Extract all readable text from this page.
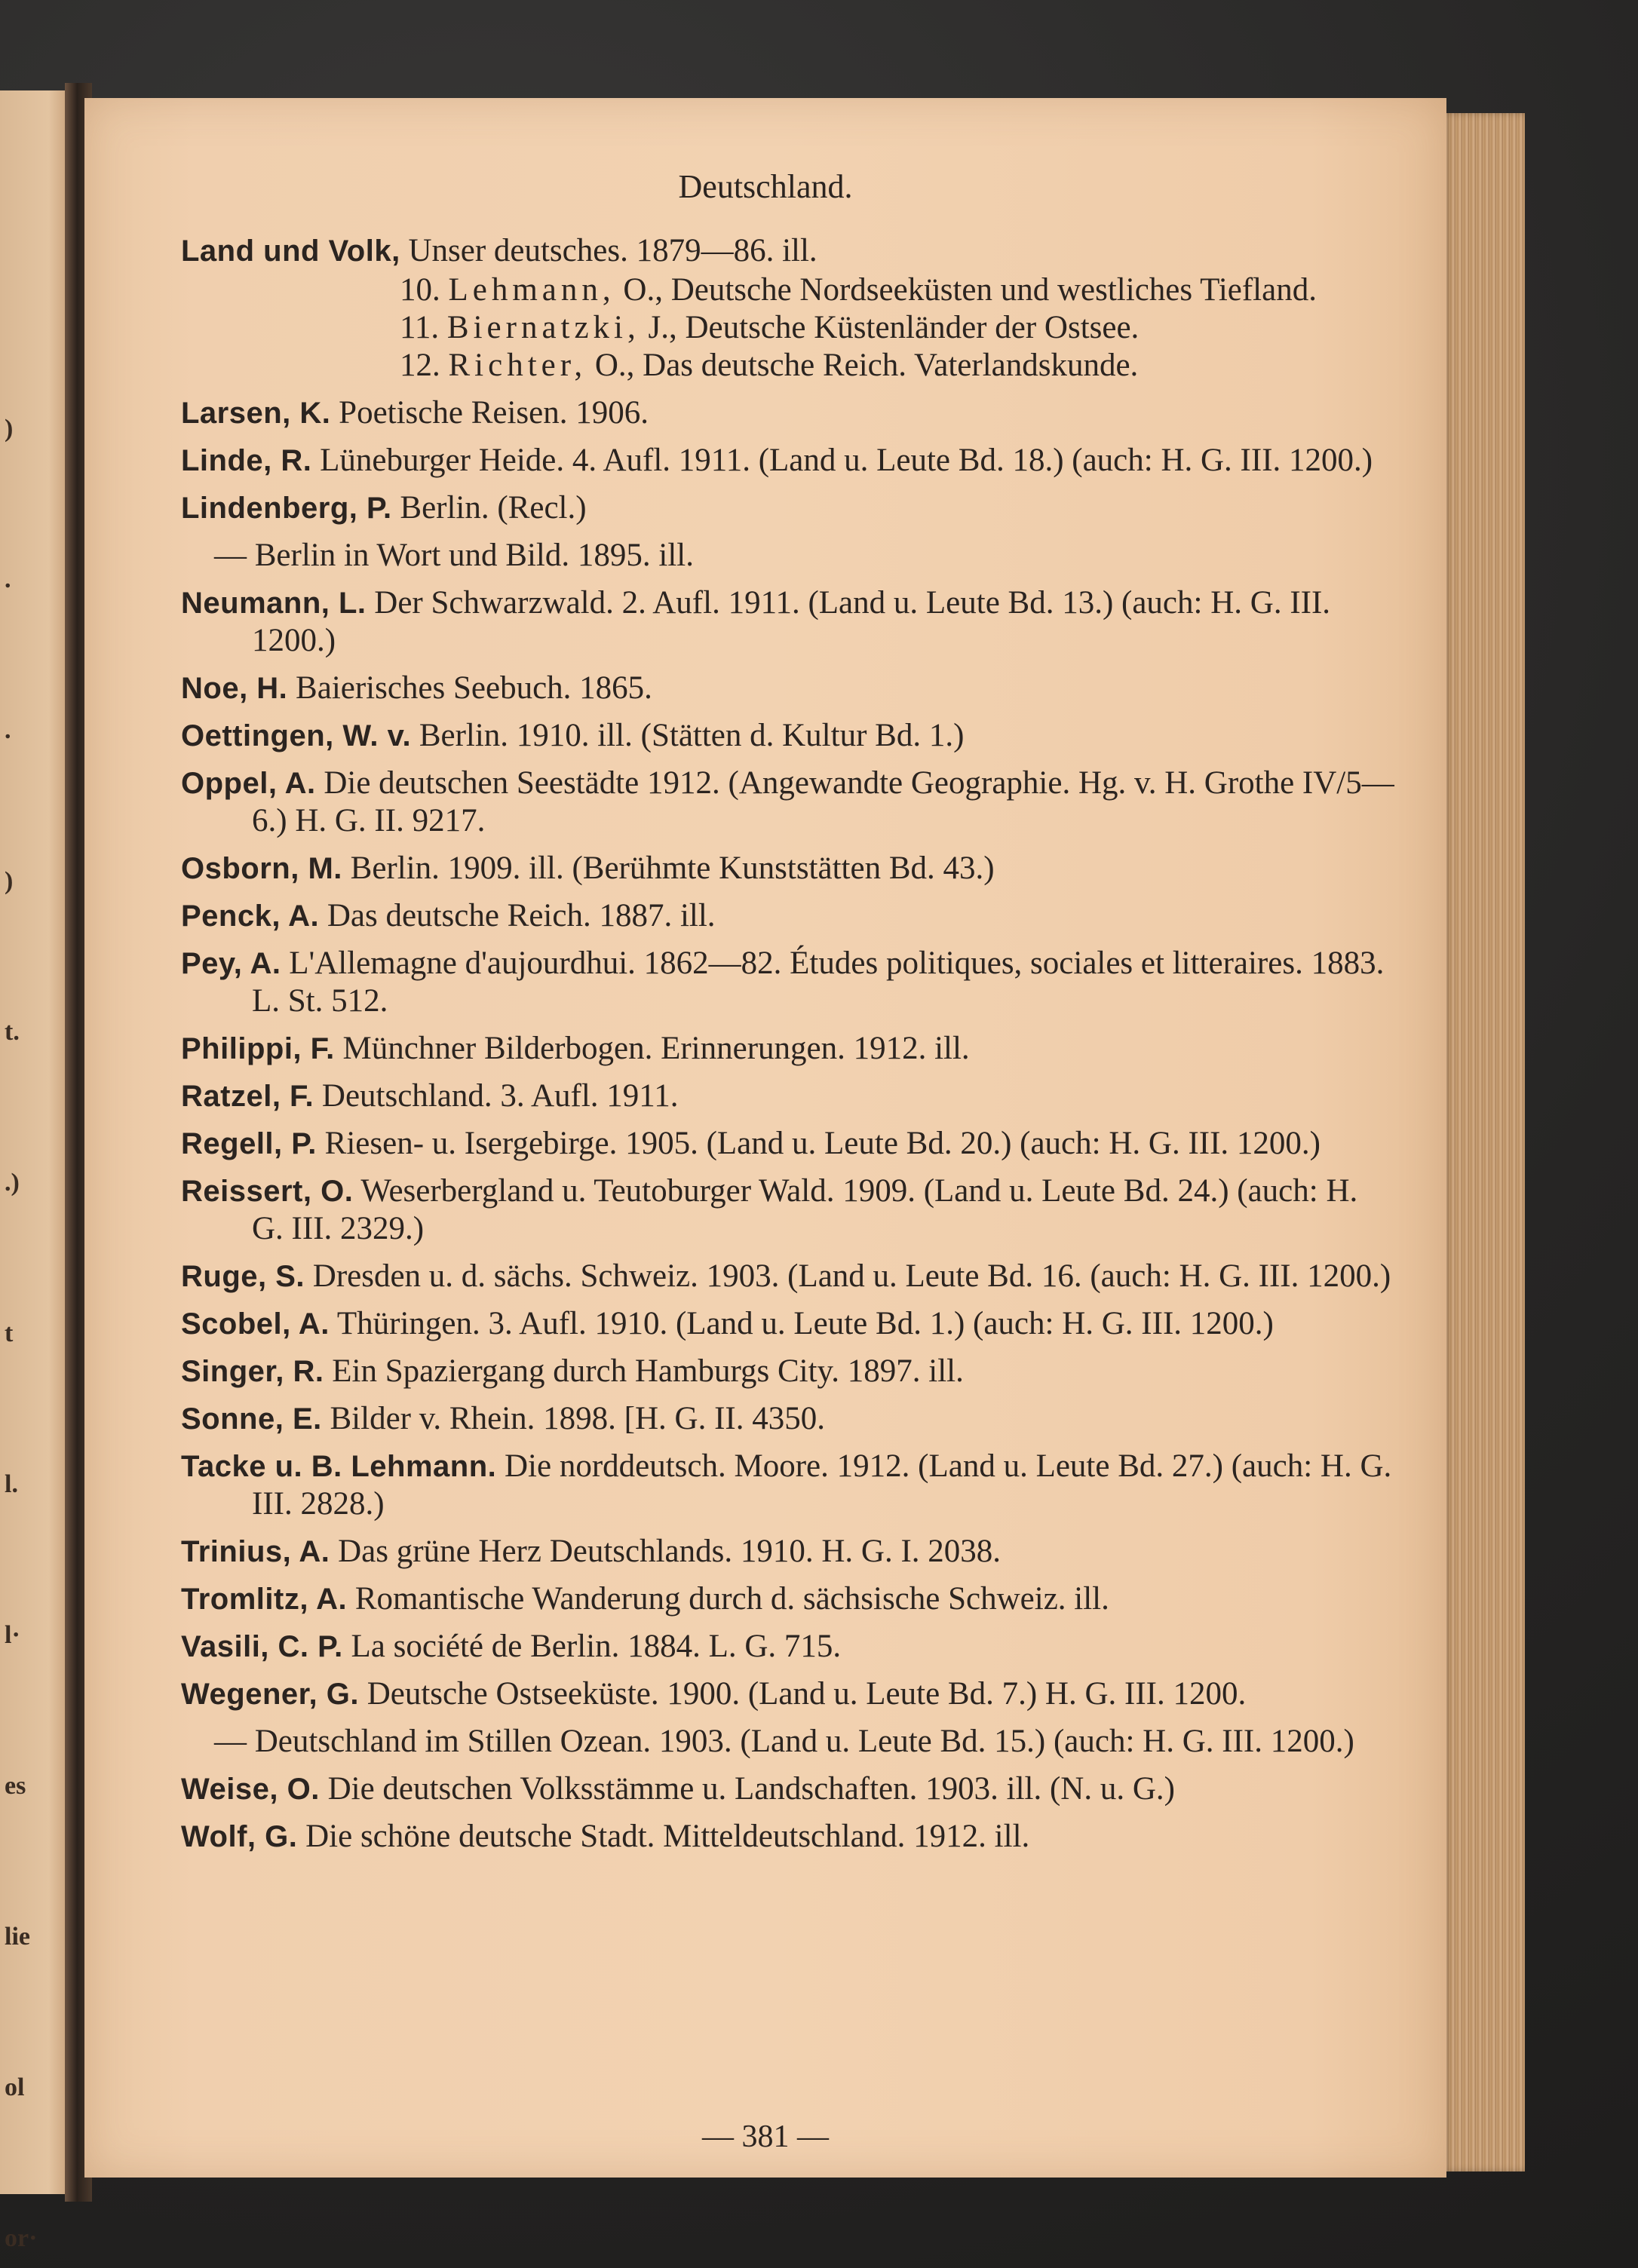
)
.
.
)
t.
.)
t
l.
l·
es
lie
ol
or·
Deutschland.
Land und Volk, Unser deutsches. 1879—86. ill.
10. Lehmann, O., Deutsche Nordseeküsten und westliches Tiefland.
11. Biernatzki, J., Deutsche Küstenländer der Ostsee.
12. Richter, O., Das deutsche Reich. Vaterlandskunde.
Larsen, K. Poetische Reisen. 1906.
Linde, R. Lüneburger Heide. 4. Aufl. 1911. (Land u. Leute Bd. 18.) (auch: H. G. III. 1200.)
Lindenberg, P. Berlin. (Recl.)
— Berlin in Wort und Bild. 1895. ill.
Neumann, L. Der Schwarzwald. 2. Aufl. 1911. (Land u. Leute Bd. 13.) (auch: H. G. III. 1200.)
Noe, H. Baierisches Seebuch. 1865.
Oettingen, W. v. Berlin. 1910. ill. (Stätten d. Kultur Bd. 1.)
Oppel, A. Die deutschen Seestädte 1912. (Angewandte Geographie. Hg. v. H. Grothe IV/5—6.) H. G. II. 9217.
Osborn, M. Berlin. 1909. ill. (Berühmte Kunststätten Bd. 43.)
Penck, A. Das deutsche Reich. 1887. ill.
Pey, A. L'Allemagne d'aujourdhui. 1862—82. Études politiques, sociales et litteraires. 1883. L. St. 512.
Philippi, F. Münchner Bilderbogen. Erinnerungen. 1912. ill.
Ratzel, F. Deutschland. 3. Aufl. 1911.
Regell, P. Riesen- u. Isergebirge. 1905. (Land u. Leute Bd. 20.) (auch: H. G. III. 1200.)
Reissert, O. Weserbergland u. Teutoburger Wald. 1909. (Land u. Leute Bd. 24.) (auch: H. G. III. 2329.)
Ruge, S. Dresden u. d. sächs. Schweiz. 1903. (Land u. Leute Bd. 16. (auch: H. G. III. 1200.)
Scobel, A. Thüringen. 3. Aufl. 1910. (Land u. Leute Bd. 1.) (auch: H. G. III. 1200.)
Singer, R. Ein Spaziergang durch Hamburgs City. 1897. ill.
Sonne, E. Bilder v. Rhein. 1898. [H. G. II. 4350.
Tacke u. B. Lehmann. Die norddeutsch. Moore. 1912. (Land u. Leute Bd. 27.) (auch: H. G. III. 2828.)
Trinius, A. Das grüne Herz Deutschlands. 1910. H. G. I. 2038.
Tromlitz, A. Romantische Wanderung durch d. sächsische Schweiz. ill.
Vasili, C. P. La société de Berlin. 1884. L. G. 715.
Wegener, G. Deutsche Ostseeküste. 1900. (Land u. Leute Bd. 7.) H. G. III. 1200.
— Deutschland im Stillen Ozean. 1903. (Land u. Leute Bd. 15.) (auch: H. G. III. 1200.)
Weise, O. Die deutschen Volksstämme u. Landschaften. 1903. ill. (N. u. G.)
Wolf, G. Die schöne deutsche Stadt. Mitteldeutschland. 1912. ill.
— 381 —
